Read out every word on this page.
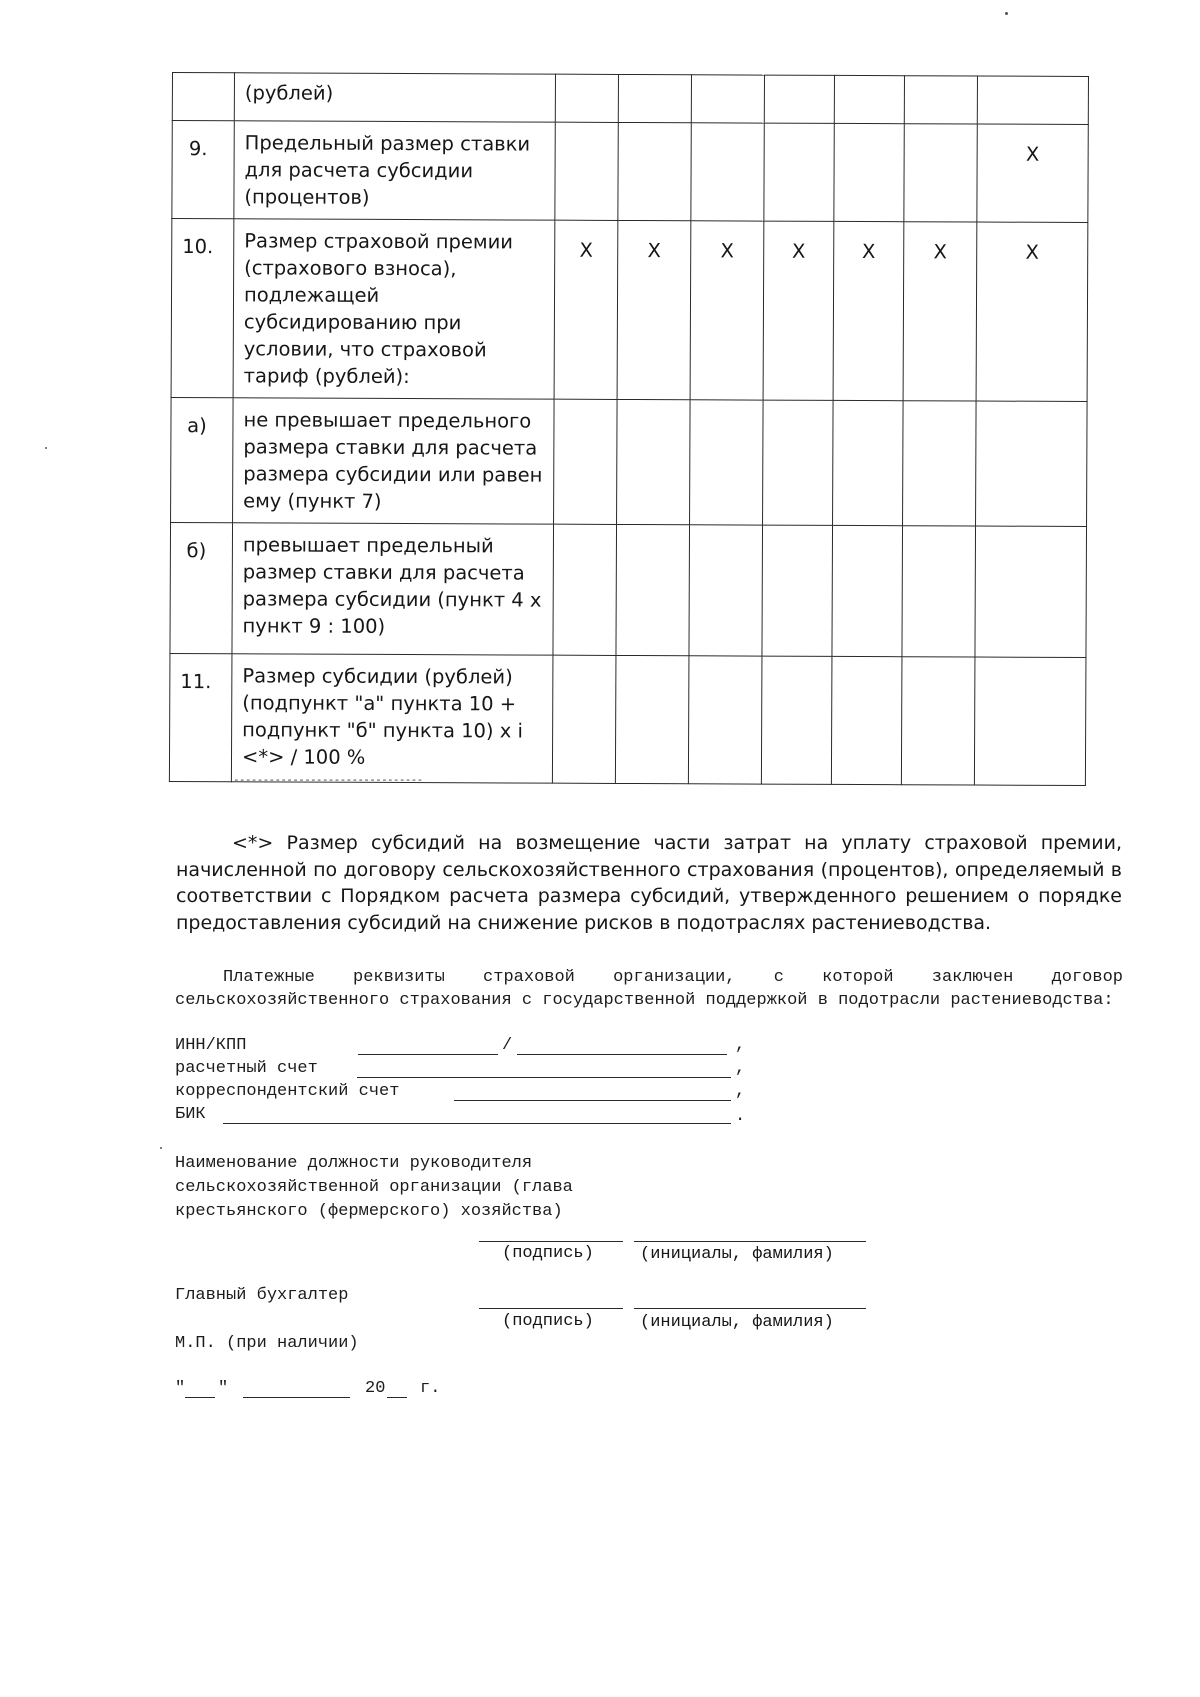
	(рублей)							
9.	Предельный размер ставки для расчета субсидии (процентов)							Х
10.	Размер страховой премии (страхового взноса), подлежащей субсидированию при условии, что страховой тариф (рублей):	Х	Х	Х	Х	Х	Х	Х
а)	не превышает предельного размера ставки для расчета размера субсидии или равен ему (пункт 7)							
б)	превышает предельный размер ставки для расчета размера субсидии (пункт 4 х пункт 9 : 100)							
11.	Размер субсидии (рублей) (подпункт "а" пункта 10 + подпункт "б" пункта 10) х i <*> / 100 %							
--------------------------------

<*> Размер субсидий на возмещение части затрат на уплату страховой премии, начисленной по договору сельскохозяйственного страхования (процентов), определяемый в соответствии с Порядком расчета размера субсидий, утвержденного решением о порядке предоставления субсидий на снижение рисков в подотраслях растениеводства.

Платежные реквизиты страховой организации, с которой заключен договор сельскохозяйственного страхования с государственной поддержкой в подотрасли растениеводства:

ИНН/КПП	/	,
расчетный счет	,
корреспондентский счет	,
БИК	.

Наименование должности руководителя сельскохозяйственной организации (глава крестьянского (фермерского) хозяйства)

(подпись)	(инициалы, фамилия)

Главный бухгалтер

(подпись)	(инициалы, фамилия)

М.П. (при наличии)

" "	20 г.
